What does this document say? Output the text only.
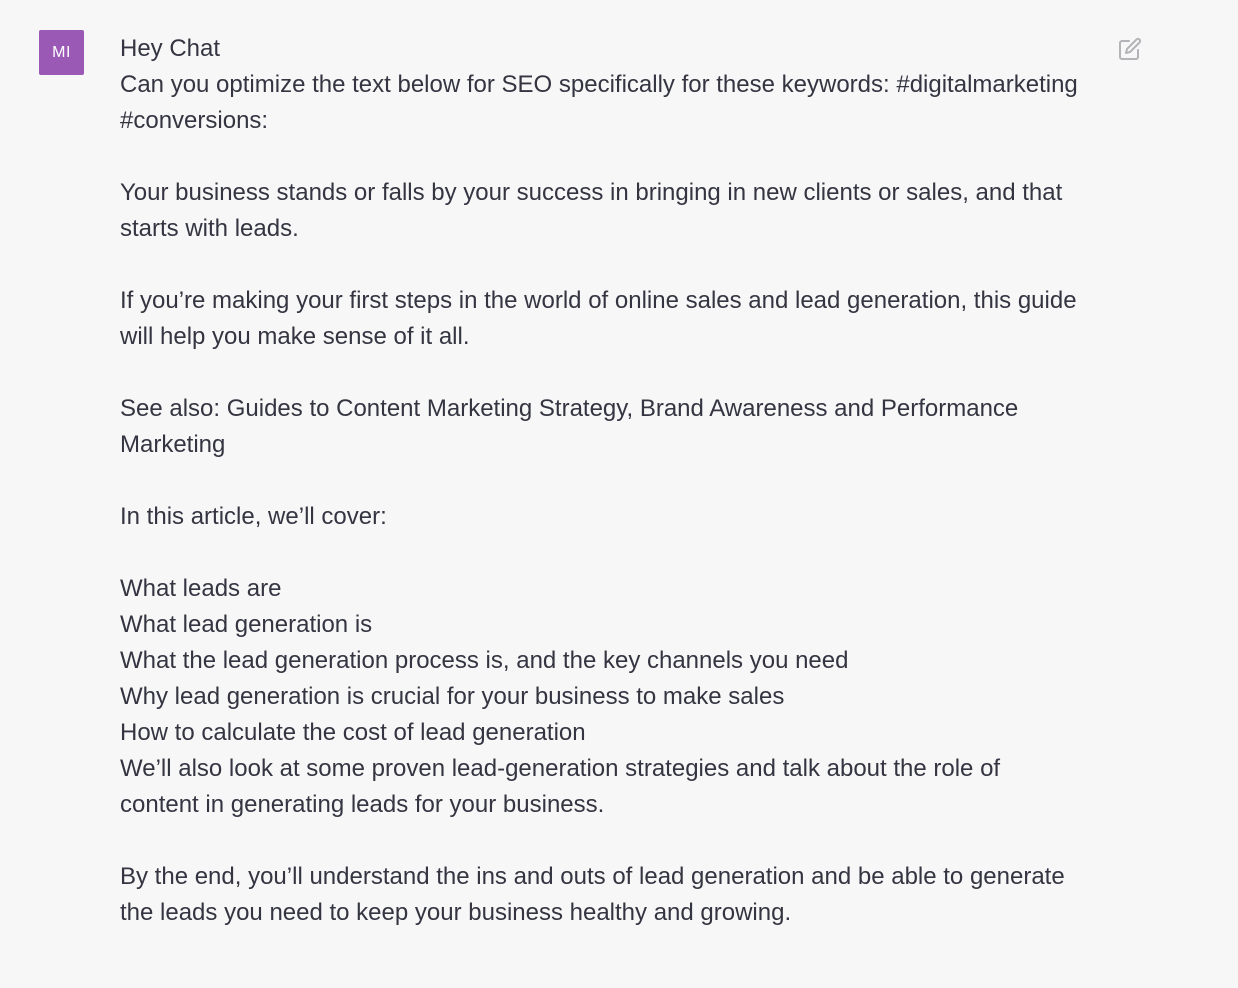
MI	Hey Chat
Can you optimize the text below for SEO specifically for these keywords: #digitalmarketing
#conversions:
Your business stands or falls by your success in bringing in new clients or sales, and that
starts with leads.
If you’re making your first steps in the world of online sales and lead generation, this guide
will help you make sense of it all.
See also: Guides to Content Marketing Strategy, Brand Awareness and Performance
Marketing
In this article, we’ll cover:
What leads are
What lead generation is
What the lead generation process is, and the key channels you need
Why lead generation is crucial for your business to make sales
How to calculate the cost of lead generation
We’ll also look at some proven lead-generation strategies and talk about the role of
content in generating leads for your business.
By the end, you’ll understand the ins and outs of lead generation and be able to generate
the leads you need to keep your business healthy and growing.
